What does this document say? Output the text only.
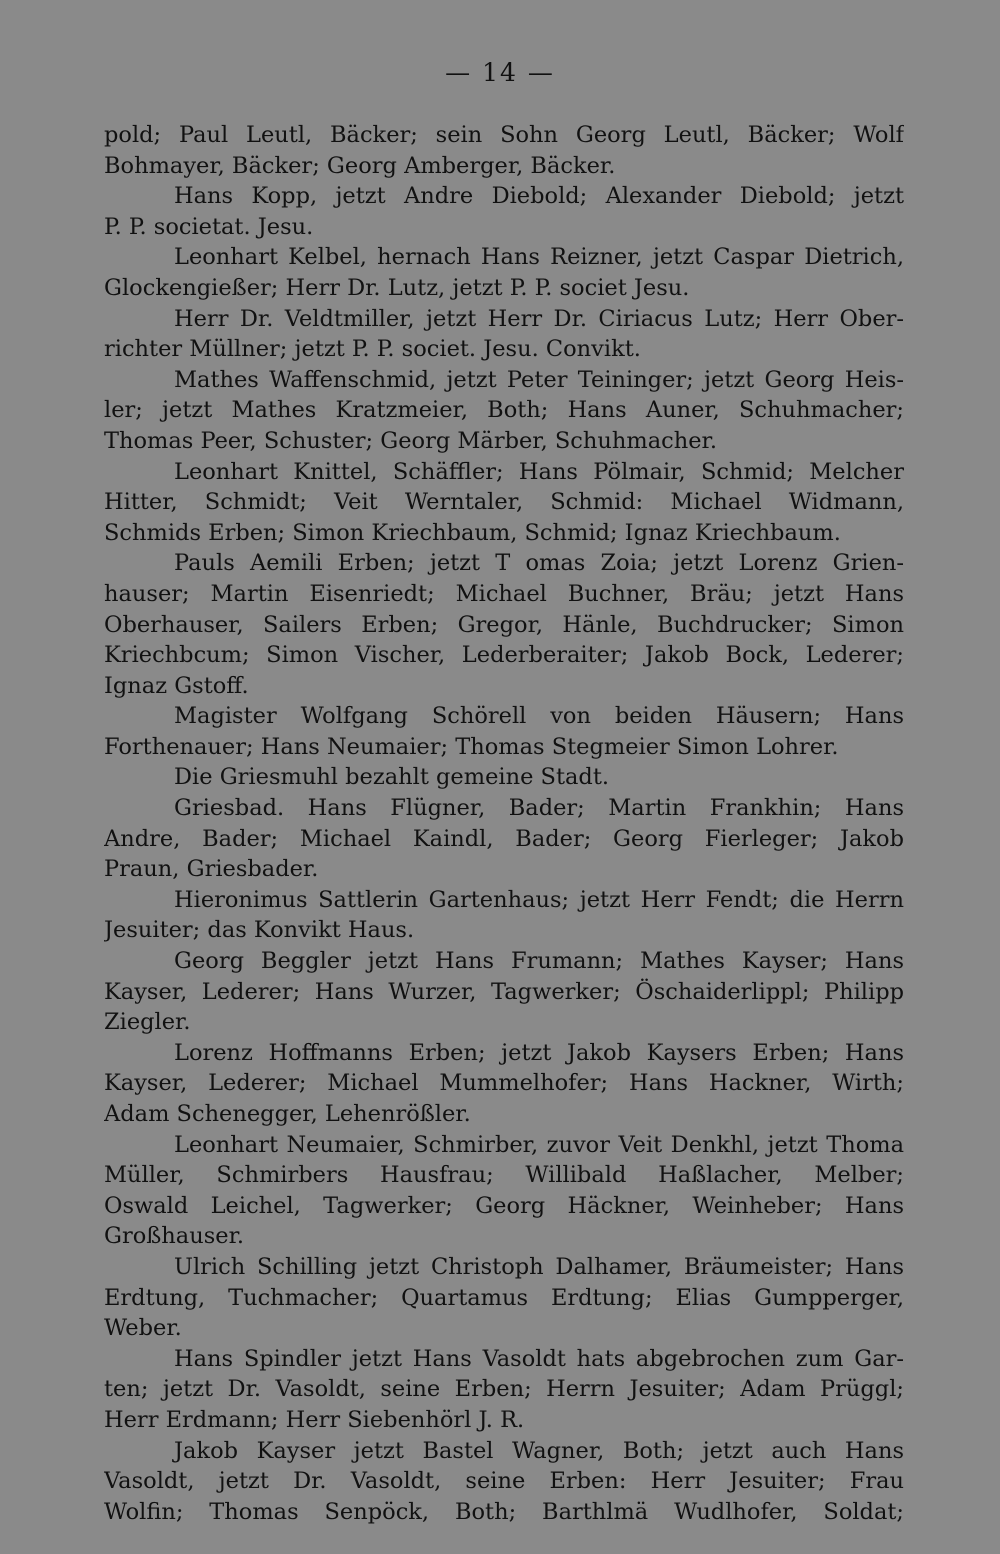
— 14 —
pold; Paul Leutl, Bäcker; sein Sohn Georg Leutl, Bäcker; Wolf
Bohmayer, Bäcker; Georg Amberger, Bäcker.
Hans Kopp, jetzt Andre Diebold; Alexander Diebold; jetzt
P. P. societat. Jesu.
Leonhart Kelbel, hernach Hans Reizner, jetzt Caspar Dietrich,
Glockengießer; Herr Dr. Lutz, jetzt P. P. societ Jesu.
Herr Dr. Veldtmiller, jetzt Herr Dr. Ciriacus Lutz; Herr Ober-
richter Müllner; jetzt P. P. societ. Jesu. Convikt.
Mathes Waffenschmid, jetzt Peter Teininger; jetzt Georg Heis-
ler; jetzt Mathes Kratzmeier, Both; Hans Auner, Schuhmacher;
Thomas Peer, Schuster; Georg Märber, Schuhmacher.
Leonhart Knittel, Schäffler; Hans Pölmair, Schmid; Melcher
Hitter, Schmidt; Veit Werntaler, Schmid: Michael Widmann,
Schmids Erben; Simon Kriechbaum, Schmid; Ignaz Kriechbaum.
Pauls Aemili Erben; jetzt T omas Zoia; jetzt Lorenz Grien-
hauser; Martin Eisenriedt; Michael Buchner, Bräu; jetzt Hans
Oberhauser, Sailers Erben; Gregor, Hänle, Buchdrucker; Simon
Kriechbcum; Simon Vischer, Lederberaiter; Jakob Bock, Lederer;
Ignaz Gstoff.
Magister Wolfgang Schörell von beiden Häusern; Hans
Forthenauer; Hans Neumaier; Thomas Stegmeier Simon Lohrer.
Die Griesmuhl bezahlt gemeine Stadt.
Griesbad. Hans Flügner, Bader; Martin Frankhin; Hans
Andre, Bader; Michael Kaindl, Bader; Georg Fierleger; Jakob
Praun, Griesbader.
Hieronimus Sattlerin Gartenhaus; jetzt Herr Fendt; die Herrn
Jesuiter; das Konvikt Haus.
Georg Beggler jetzt Hans Frumann; Mathes Kayser; Hans
Kayser, Lederer; Hans Wurzer, Tagwerker; Öschaiderlippl; Philipp
Ziegler.
Lorenz Hoffmanns Erben; jetzt Jakob Kaysers Erben; Hans
Kayser, Lederer; Michael Mummelhofer; Hans Hackner, Wirth;
Adam Schenegger, Lehenrößler.
Leonhart Neumaier, Schmirber, zuvor Veit Denkhl, jetzt Thoma
Müller, Schmirbers Hausfrau; Willibald Haßlacher, Melber;
Oswald Leichel, Tagwerker; Georg Häckner, Weinheber; Hans
Großhauser.
Ulrich Schilling jetzt Christoph Dalhamer, Bräumeister; Hans
Erdtung, Tuchmacher; Quartamus Erdtung; Elias Gumpperger,
Weber.
Hans Spindler jetzt Hans Vasoldt hats abgebrochen zum Gar-
ten; jetzt Dr. Vasoldt, seine Erben; Herrn Jesuiter; Adam Prüggl;
Herr Erdmann; Herr Siebenhörl J. R.
Jakob Kayser jetzt Bastel Wagner, Both; jetzt auch Hans
Vasoldt, jetzt Dr. Vasoldt, seine Erben: Herr Jesuiter; Frau
Wolfin; Thomas Senpöck, Both; Barthlmä Wudlhofer, Soldat;
